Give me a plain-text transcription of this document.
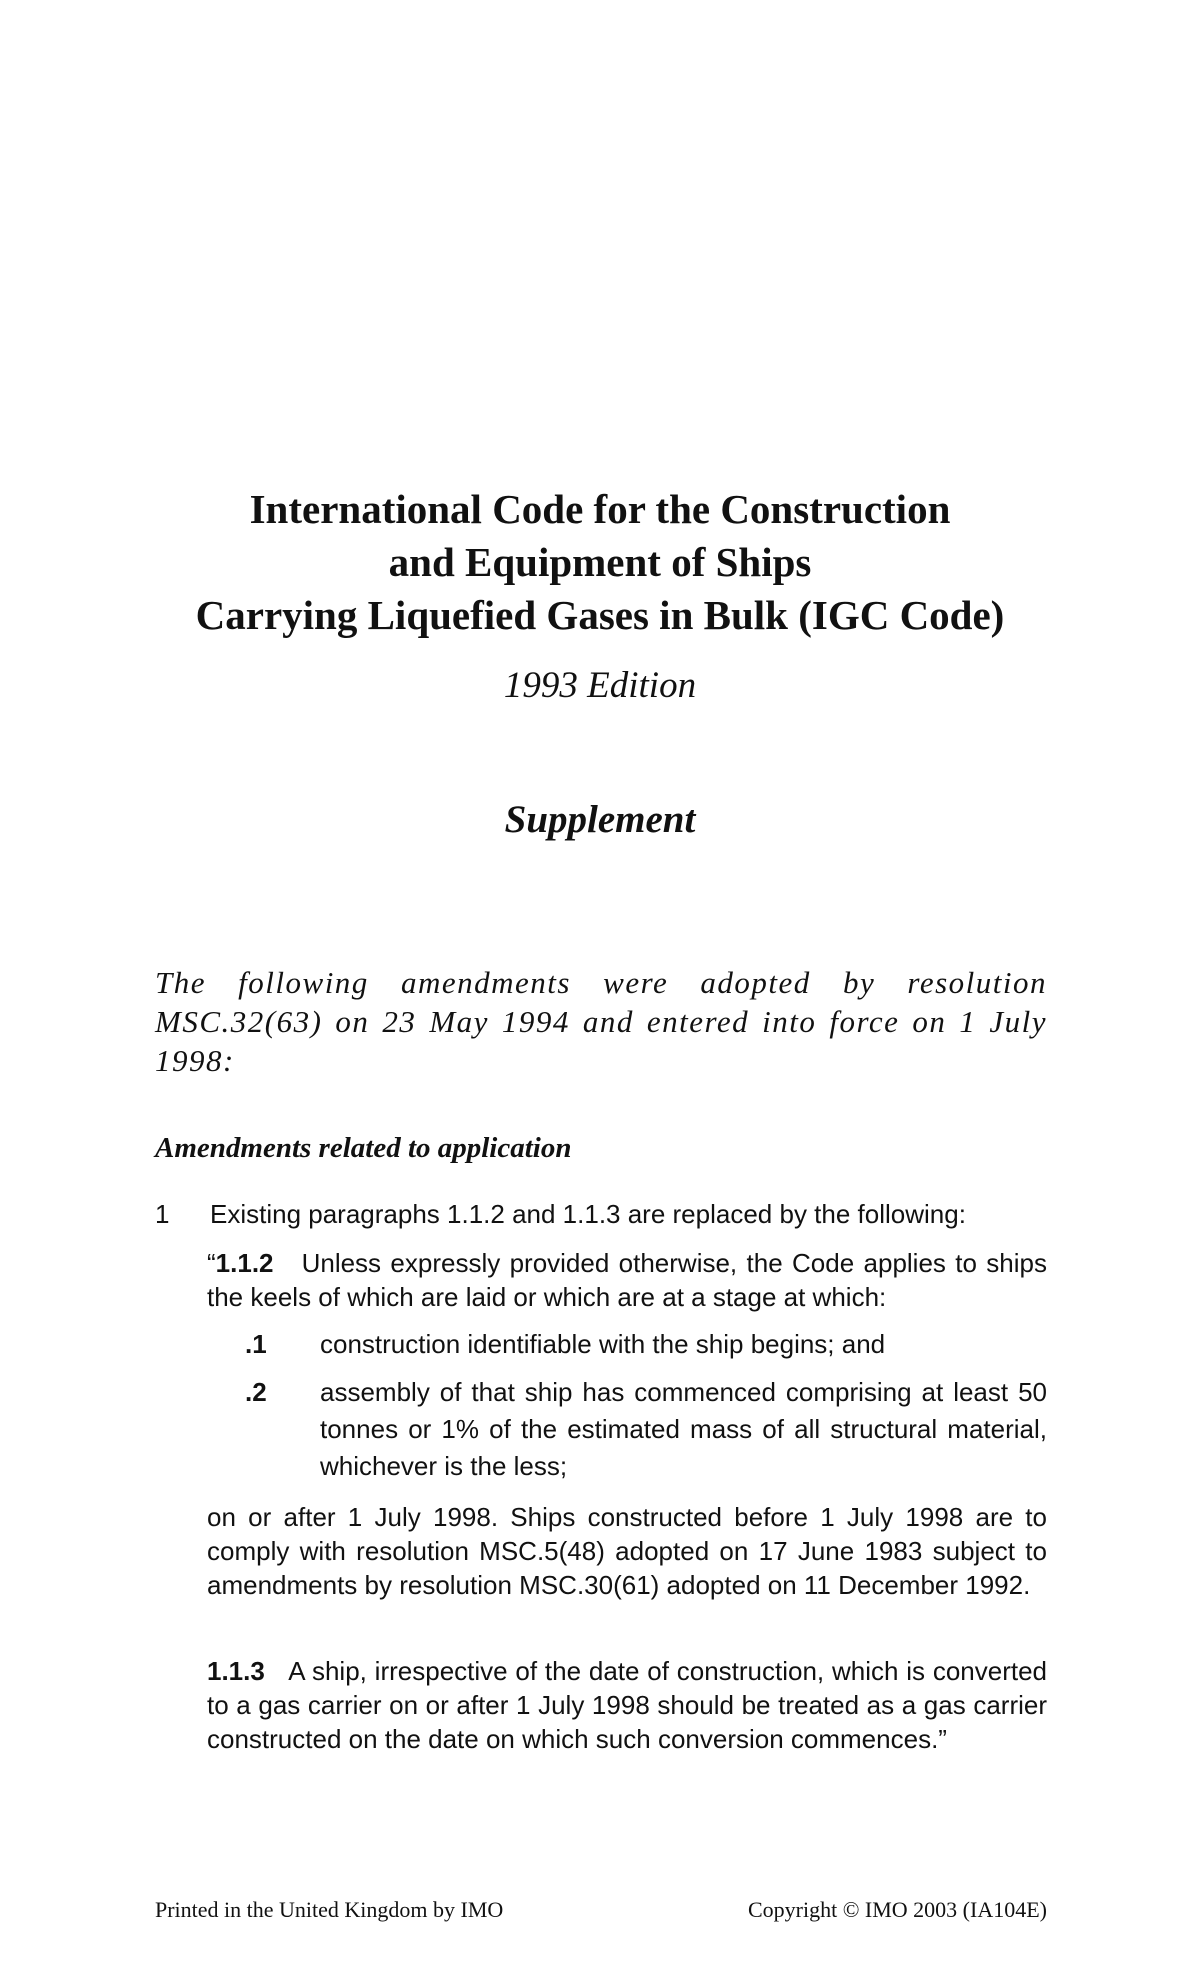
International Code for the Construction
and Equipment of Ships
Carrying Liquefied Gases in Bulk (IGC Code)
1993 Edition
Supplement

The following amendments were adopted by resolution MSC.32(63) on 23 May 1994 and entered into force on 1 July 1998:

Amendments related to application
1 Existing paragraphs 1.1.2 and 1.1.3 are replaced by the following:

“1.1.2 Unless expressly provided otherwise, the Code applies to ships the keels of which are laid or which are at a stage at which:

.1 construction identifiable with the ship begins; and
.2 assembly of that ship has commenced comprising at least 50 tonnes or 1% of the estimated mass of all structural material, whichever is the less;

on or after 1 July 1998. Ships constructed before 1 July 1998 are to comply with resolution MSC.5(48) adopted on 17 June 1983 subject to amendments by resolution MSC.30(61) adopted on 11 December 1992.

1.1.3 A ship, irrespective of the date of construction, which is converted to a gas carrier on or after 1 July 1998 should be treated as a gas carrier constructed on the date on which such conversion commences.”

Printed in the United Kingdom by IMO	Copyright © IMO 2003 (IA104E)
